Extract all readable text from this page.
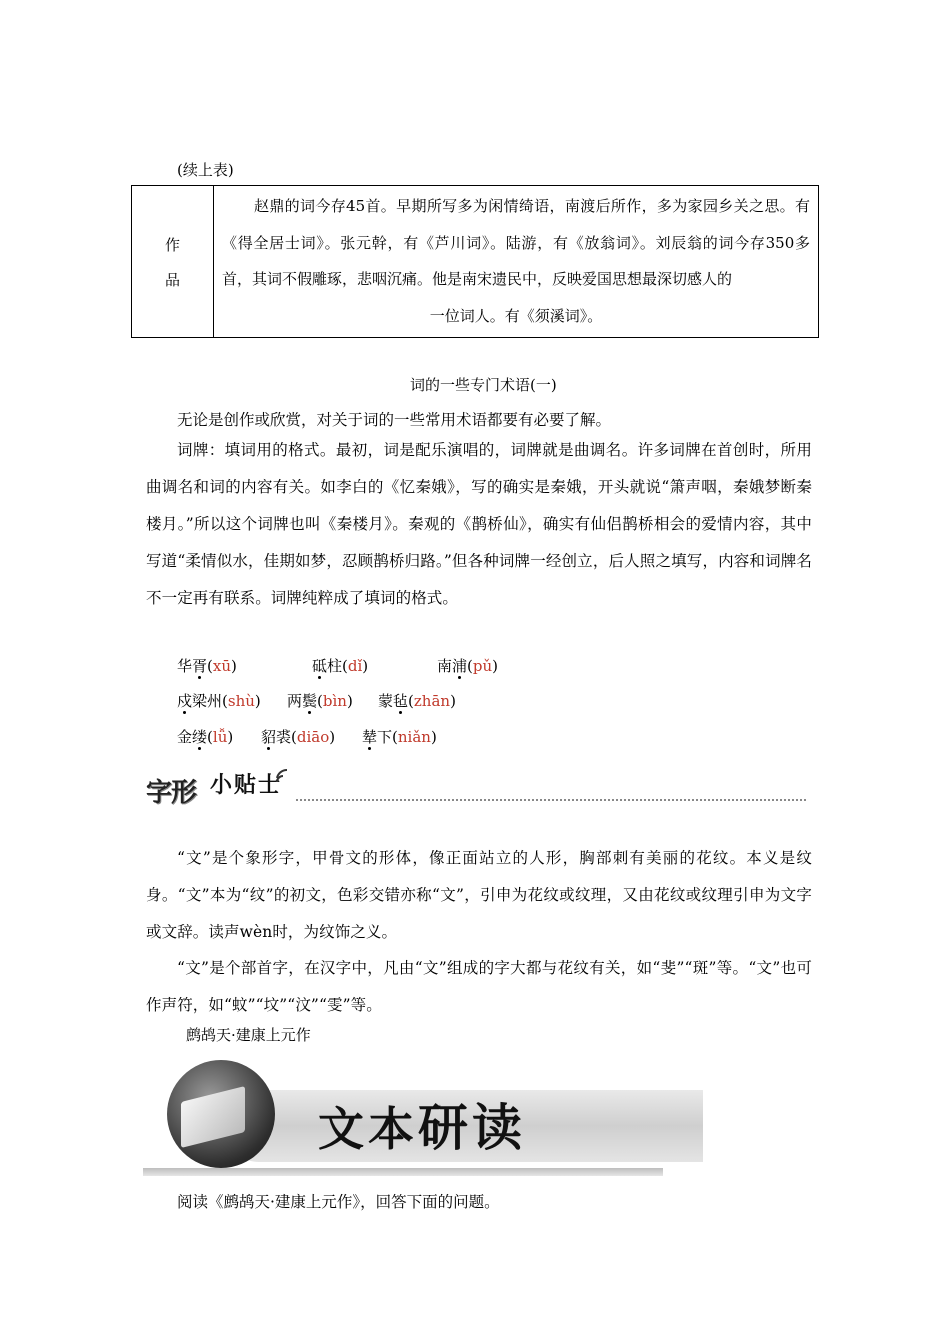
(续上表)
作
品
赵鼎的词今存45首。早期所写多为闲情绮语，南渡后所作，多为家园乡关之思。有《得全居士词》。张元幹，有《芦川词》。陆游，有《放翁词》。刘辰翁的词今存350多首，其词不假雕琢，悲咽沉痛。他是南宋遗民中，反映爱国思想最深切感人的
一位词人。有《须溪词》。
词的一些专门术语(一)
无论是创作或欣赏，对关于词的一些常用术语都要有必要了解。
词牌：填词用的格式。最初，词是配乐演唱的，词牌就是曲调名。许多词牌在首创时，所用曲调名和词的内容有关。如李白的《忆秦娥》，写的确实是秦娥，开头就说“箫声咽，秦娥梦断秦楼月。”所以这个词牌也叫《秦楼月》。秦观的《鹊桥仙》，确实有仙侣鹊桥相会的爱情内容，其中写道“柔情似水，佳期如梦，忍顾鹊桥归路。”但各种词牌一经创立，后人照之填写，内容和词牌名不一定再有联系。词牌纯粹成了填词的格式。
华胥(xū)	砥柱(dǐ)	南浦(pǔ)
戍梁州(shù) 两鬓(bìn) 蒙毡(zhān)
金缕(lǚ) 貂裘(diāo) 辇下(niǎn)
字形 小贴士
“文”是个象形字，甲骨文的形体，像正面站立的人形，胸部刺有美丽的花纹。本义是纹身。“文”本为“纹”的初文，色彩交错亦称“文”，引申为花纹或纹理，又由花纹或纹理引申为文字或文辞。读声wèn时，为纹饰之义。
“文”是个部首字，在汉字中，凡由“文”组成的字大都与花纹有关，如“斐”“斑”等。“文”也可作声符，如“蚊”“坟”“汶”“雯”等。
鹧鸪天·建康上元作
文本研读
阅读《鹧鸪天·建康上元作》，回答下面的问题。
